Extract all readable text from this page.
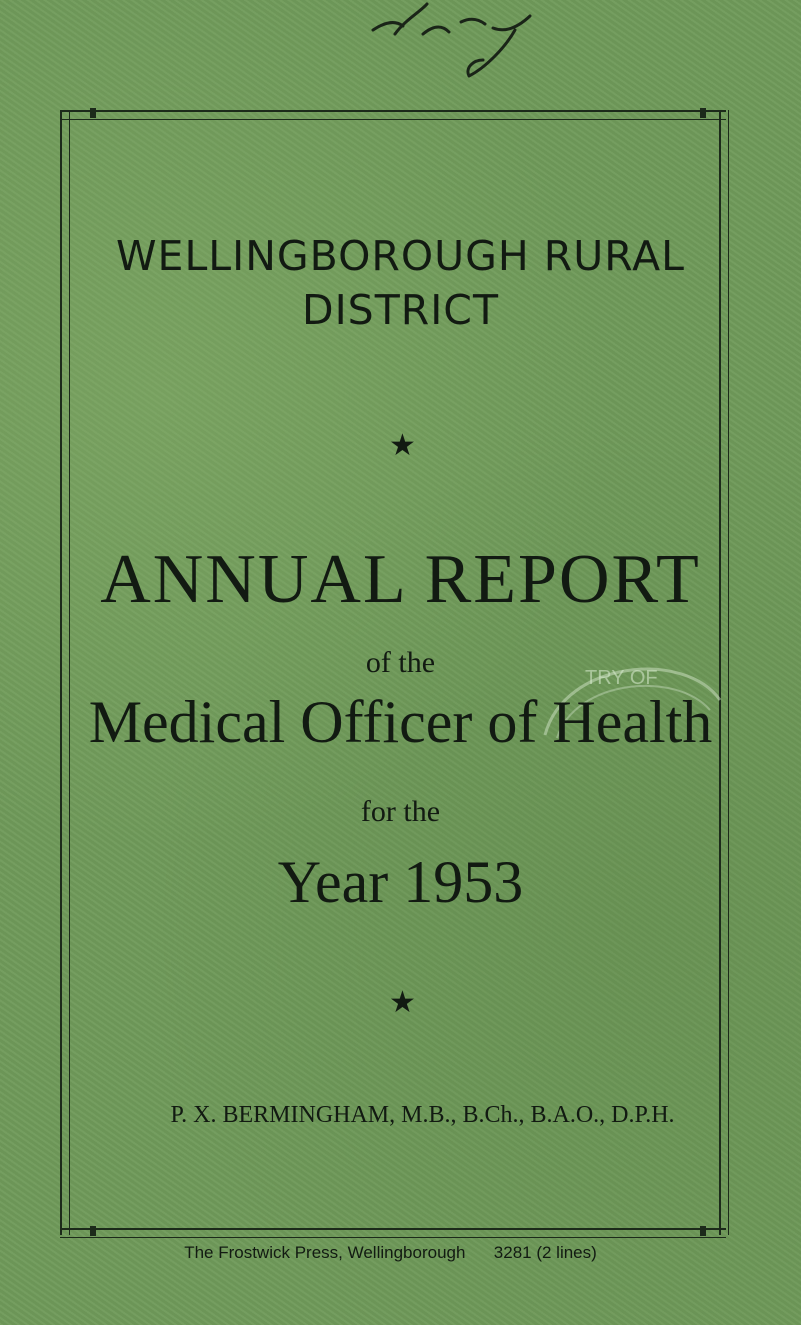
TRY OF
WELLINGBOROUGH RURAL
DISTRICT
★
ANNUAL REPORT
of the
Medical Officer of Health
for the
Year 1953
★
P. X. BERMINGHAM, M.B., B.Ch., B.A.O., D.P.H.
The Frostwick Press, Wellingborough 3281 (2 lines)
